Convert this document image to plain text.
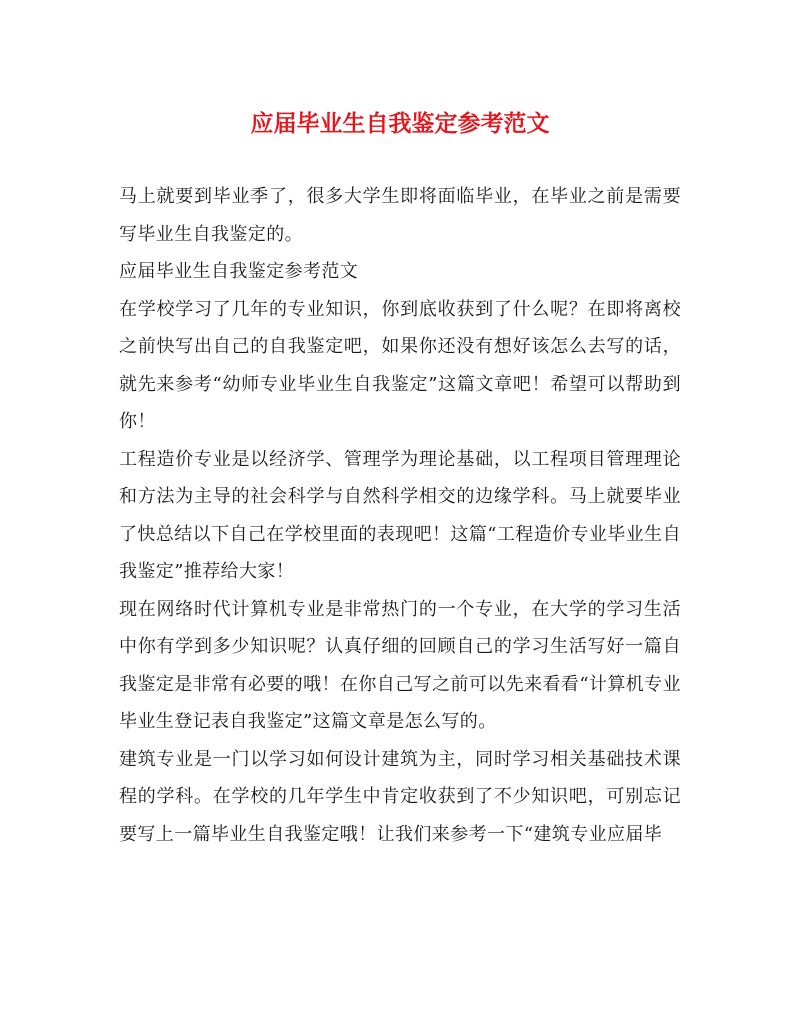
应届毕业生自我鉴定参考范文

马上就要到毕业季了，很多大学生即将面临毕业，在毕业之前是需要写毕业生自我鉴定的。

应届毕业生自我鉴定参考范文

在学校学习了几年的专业知识，你到底收获到了什么呢？在即将离校之前快写出自己的自我鉴定吧，如果你还没有想好该怎么去写的话，就先来参考“幼师专业毕业生自我鉴定”这篇文章吧！希望可以帮助到你！

工程造价专业是以经济学、管理学为理论基础，以工程项目管理理论和方法为主导的社会科学与自然科学相交的边缘学科。马上就要毕业了快总结以下自己在学校里面的表现吧！这篇“工程造价专业毕业生自我鉴定”推荐给大家！

现在网络时代计算机专业是非常热门的一个专业，在大学的学习生活中你有学到多少知识呢？认真仔细的回顾自己的学习生活写好一篇自我鉴定是非常有必要的哦！在你自己写之前可以先来看看“计算机专业毕业生登记表自我鉴定”这篇文章是怎么写的。

建筑专业是一门以学习如何设计建筑为主，同时学习相关基础技术课程的学科。在学校的几年学生中肯定收获到了不少知识吧，可别忘记要写上一篇毕业生自我鉴定哦！让我们来参考一下“建筑专业应届毕
